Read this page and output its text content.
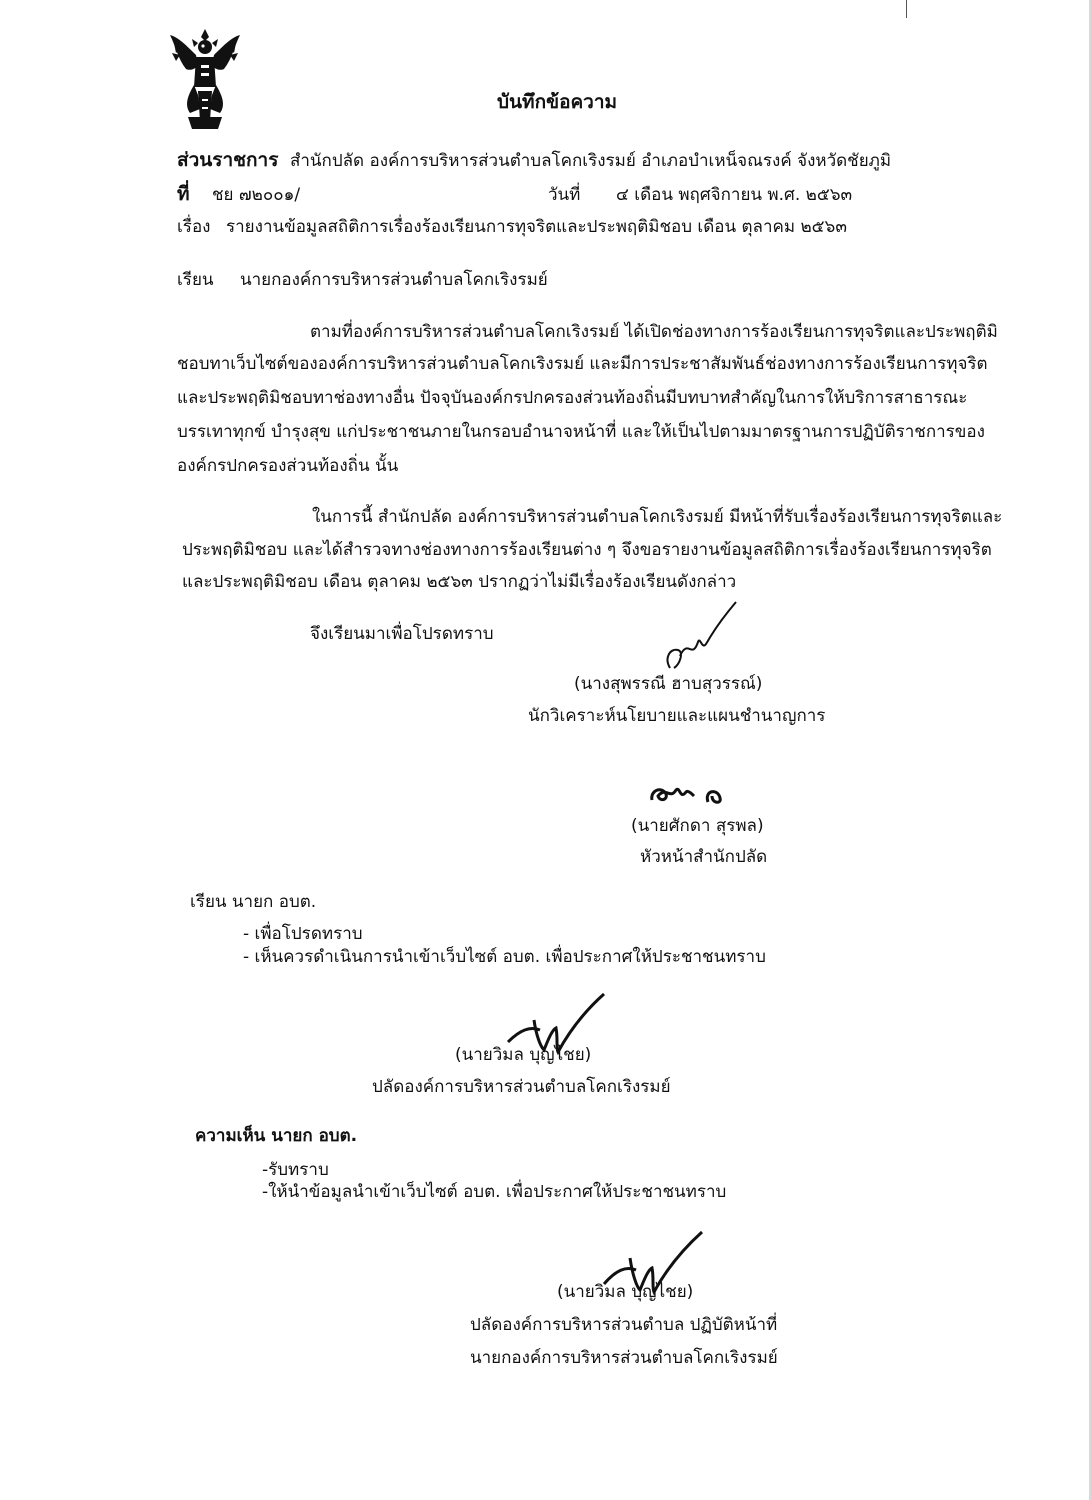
บันทึกข้อความ
ส่วนราชการ สำนักปลัด องค์การบริหารส่วนตำบลโคกเริงรมย์ อำเภอบำเหน็จณรงค์ จังหวัดชัยภูมิ
ที่ ชย ๗๒๐๐๑/	วันที่ ๔ เดือน พฤศจิกายน พ.ศ. ๒๕๖๓
เรื่อง รายงานข้อมูลสถิติการเรื่องร้องเรียนการทุจริตและประพฤติมิชอบ เดือน ตุลาคม ๒๕๖๓
เรียน นายกองค์การบริหารส่วนตำบลโคกเริงรมย์
ตามที่องค์การบริหารส่วนตำบลโคกเริงรมย์ ได้เปิดช่องทางการร้องเรียนการทุจริตและประพฤติมิ
ชอบทาเว็บไซต์ขององค์การบริหารส่วนตำบลโคกเริงรมย์ และมีการประชาสัมพันธ์ช่องทางการร้องเรียนการทุจริต
และประพฤติมิชอบทาช่องทางอื่น ปัจจุบันองค์กรปกครองส่วนท้องถิ่นมีบทบาทสำคัญในการให้บริการสาธารณะ
บรรเทาทุกข์ บำรุงสุข แก่ประชาชนภายในกรอบอำนาจหน้าที่ และให้เป็นไปตามมาตรฐานการปฏิบัติราชการของ
องค์กรปกครองส่วนท้องถิ่น นั้น
ในการนี้ สำนักปลัด องค์การบริหารส่วนตำบลโคกเริงรมย์ มีหน้าที่รับเรื่องร้องเรียนการทุจริตและ
ประพฤติมิชอบ และได้สำรวจทางช่องทางการร้องเรียนต่าง ๆ จึงขอรายงานข้อมูลสถิติการเรื่องร้องเรียนการทุจริต
และประพฤติมิชอบ เดือน ตุลาคม ๒๕๖๓ ปรากฏว่าไม่มีเรื่องร้องเรียนดังกล่าว
จึงเรียนมาเพื่อโปรดทราบ
(นางสุพรรณี ฮาบสุวรรณ์)
นักวิเคราะห์นโยบายและแผนชำนาญการ
(นายศักดา สุรพล)
หัวหน้าสำนักปลัด
เรียน นายก อบต.
- เพื่อโปรดทราบ
- เห็นควรดำเนินการนำเข้าเว็บไซต์ อบต. เพื่อประกาศให้ประชาชนทราบ
(นายวิมล บุญไชย)
ปลัดองค์การบริหารส่วนตำบลโคกเริงรมย์
ความเห็น นายก อบต.
-รับทราบ
-ให้นำข้อมูลนำเข้าเว็บไซต์ อบต. เพื่อประกาศให้ประชาชนทราบ
(นายวิมล บุญไชย)
ปลัดองค์การบริหารส่วนตำบล ปฏิบัติหน้าที่
นายกองค์การบริหารส่วนตำบลโคกเริงรมย์
